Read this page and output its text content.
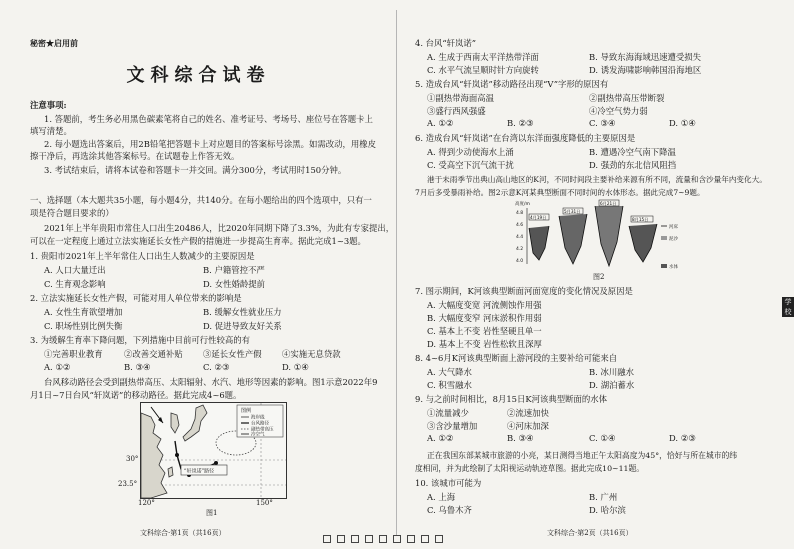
秘密★启用前
文科综合试卷
注意事项:
1. 答题前，考生务必用黑色碳素笔将自己的姓名、准考证号、考场号、座位号在答题卡上
填写清楚。
2. 每小题选出答案后，用2B铅笔把答题卡上对应题目的答案标号涂黑。如需改动，用橡皮
擦干净后，再选涂其他答案标号。在试题卷上作答无效。
3. 考试结束后，请将本试卷和答题卡一并交回。满分300分，考试用时150分钟。
一、选择题（本大题共35小题，每小题4分，共140分。在每小题给出的四个选项中，只有一
项是符合题目要求的）
2021年上半年贵阳市常住人口出生20486人，比2020年同期下降了3.3%，为此有专家提出，
可以在一定程度上通过立法实施延长女性产假的措施进一步提高生育率。据此完成1~3题。
1. 贵阳市2021年上半年常住人口出生人数减少的主要原因是
A. 人口大量迁出	B. 户籍管控不严
C. 生育观念影响	D. 女性婚龄提前
2. 立法实施延长女性产假，可能对用人单位带来的影响是
A. 女性生育欲望增加	B. 缓解女性就业压力
C. 职场性别比例失衡	D. 促进导致友好关系
3. 为缓解生育率下降问题，下列措施中目前可行性较高的有
①完善职业教育	②改善交通补贴 ③延长女性产假 ④实施无息贷款
A. ①②	B. ③④	C. ②③	D. ①④
台风移动路径会受到副热带高压、太阳辐射、水汽、地形等因素的影响。图1示意2022年9
月1日~7日台风“轩岚诺”的移动路径。据此完成4~6题。
图例
海岸线
台风路径
副热带高压
冷空气
“轩岚诺”路径
30°
23.5°
120°	150°
图1
文科综合·第1页（共16页）
4. 台风“轩岚诺”
A. 生成于西南太平洋热带洋面	B. 导致东海海域迅速遭受损失
C. 水平气流呈顺时针方向旋转	D. 诱发海啸影响韩国沿海地区
5. 造成台风“轩岚诺”移动路径出现“V”字形的原因有
①副热带海面高温	②副热带高压带断裂
③盛行西风强盛	④冷空气势力弱
A. ①②	B. ②③	C. ③④	D. ①④
6. 造成台风“轩岚诺”在台湾以东洋面强度降低的主要原因是
A. 得到少动使海水上涌	B. 遭遇冷空气南下降温
C. 受高空下沉气流干扰	D. 强劲的东北信风阻挡
港于未雨季节出典山高山地区的K河，不同时间段主要补给来源有所不同，流量和含沙量年内变化大。
7月后多受暴雨补给。图2示意K河某典型断面不同时间的水体形态。据此完成7~9题。
高度/m
4.8
4.6
4.4
4.2
4.0
4月19日
5月31日
6月21日
8月15日
河床
泥沙
水体
图2
7. 图示期间，K河该典型断面河面宽度的变化情况及原因是
A. 大幅度变宽 河流侧蚀作用强
B. 大幅度变窄 河床淤积作用弱
C. 基本上不变 岩性坚硬且单一
D. 基本上不变 岩性松软且深厚
8. 4~6月K河该典型断面上游河段的主要补给可能来自
A. 大气降水	B. 冰川融水
C. 积雪融水	D. 湖泊蓄水
9. 与之前时间相比，8月15日K河该典型断面的水体
①流量减少	②流速加快
③含沙量增加	④河床加深
A. ①②	B. ③④	C. ①④	D. ②③
正在我国东部某城市旅游的小亮，某日测得当地正午太阳高度为45°，恰好与所在城市的纬
度相同，并为此绘制了太阳视运动轨迹草图。据此完成10~11题。
10. 该城市可能为
A. 上海	B. 广州
C. 乌鲁木齐	D. 哈尔滨
文科综合·第2页（共16页）
学校
